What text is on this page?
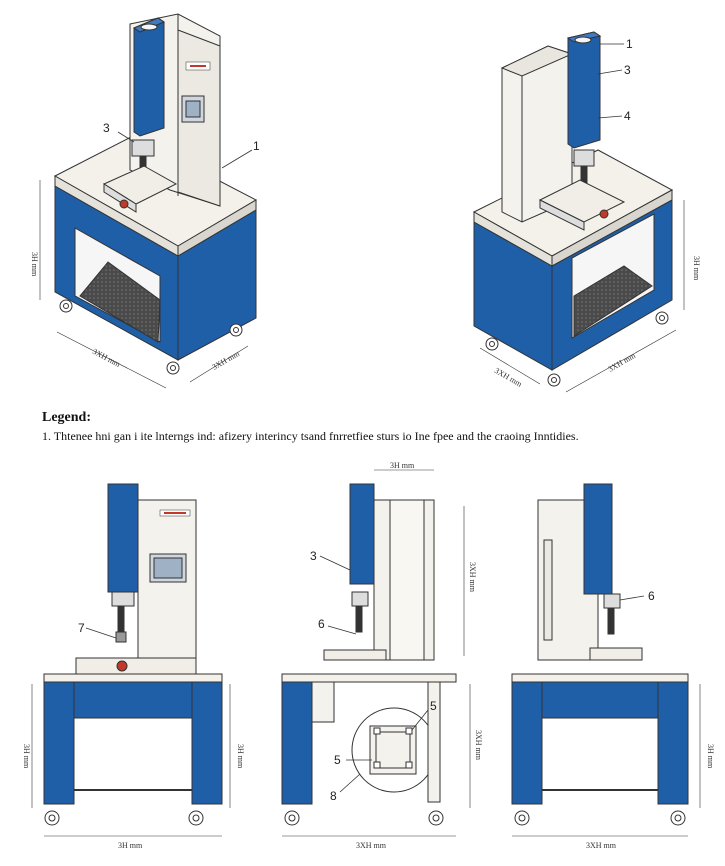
3
1
3H mm
3XH mm	3XH mm
1
3
4
3H mm
3XH mm
3XH mm
7
3H mm	3H mm
3H mm
3
6
5
5
8
3H mm
3XH mm
3XH mm
3XH mm
6
3H mm
3XH mm
Legend:
1. Thtenee hni gan i ite lnterngs ind: afizery interincy tsand fnrretfiee sturs io Ine fpee and the craoing Inntidies.
